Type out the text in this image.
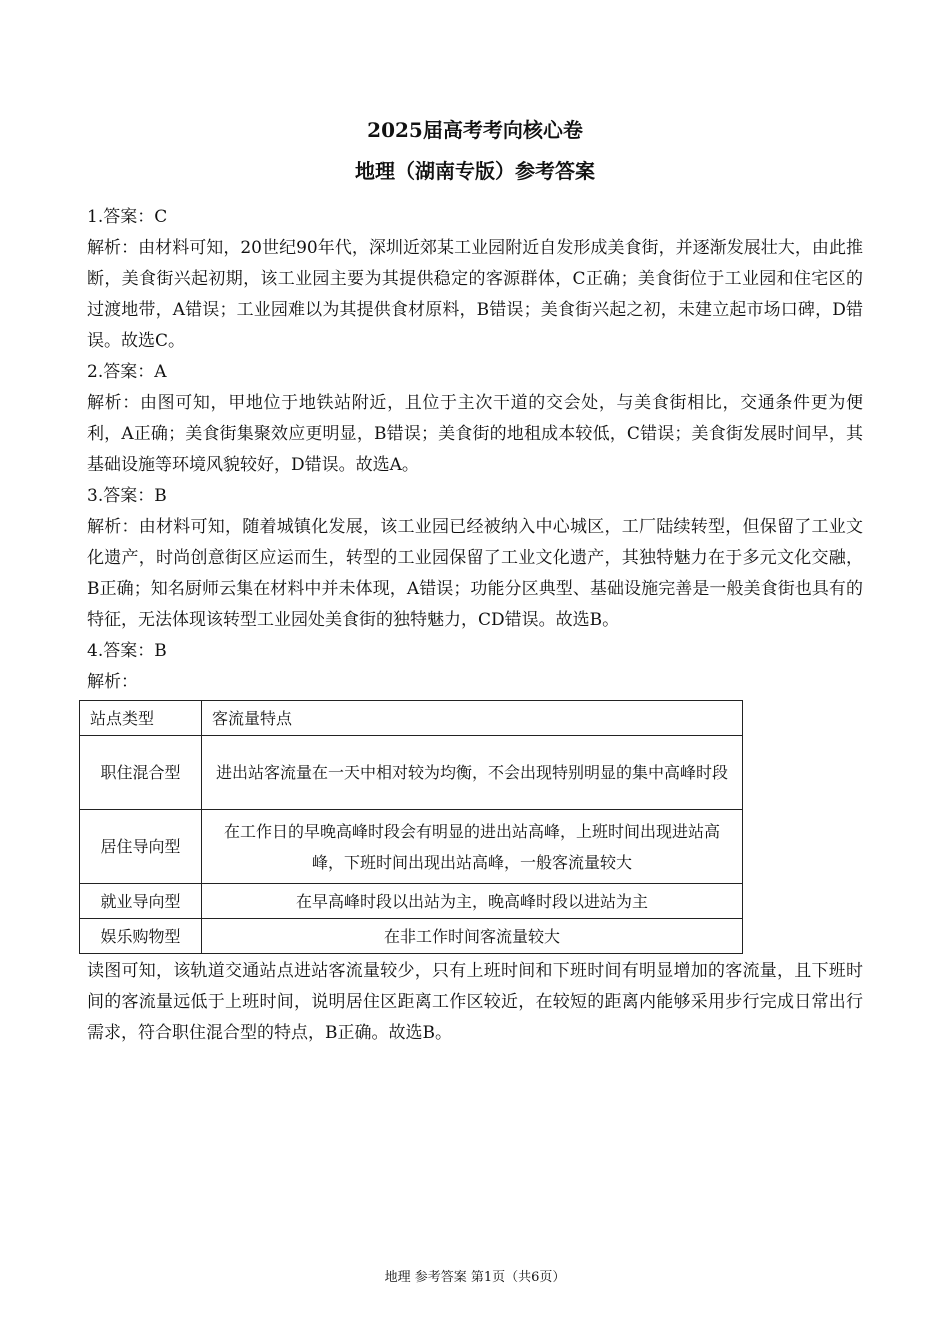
2025届高考考向核心卷

地理（湖南专版）参考答案

1.答案：C

解析：由材料可知，20世纪90年代，深圳近郊某工业园附近自发形成美食街，并逐渐发展壮大，由此推断，美食街兴起初期，该工业园主要为其提供稳定的客源群体，C正确；美食街位于工业园和住宅区的过渡地带，A错误；工业园难以为其提供食材原料，B错误；美食街兴起之初，未建立起市场口碑，D错误。故选C。

2.答案：A

解析：由图可知，甲地位于地铁站附近，且位于主次干道的交会处，与美食街相比，交通条件更为便利，A正确；美食街集聚效应更明显，B错误；美食街的地租成本较低，C错误；美食街发展时间早，其基础设施等环境风貌较好，D错误。故选A。

3.答案：B

解析：由材料可知，随着城镇化发展，该工业园已经被纳入中心城区，工厂陆续转型，但保留了工业文化遗产，时尚创意街区应运而生，转型的工业园保留了工业文化遗产，其独特魅力在于多元文化交融，B正确；知名厨师云集在材料中并未体现，A错误；功能分区典型、基础设施完善是一般美食街也具有的特征，无法体现该转型工业园处美食街的独特魅力，CD错误。故选B。

4.答案：B

解析：

站点类型	客流量特点
职住混合型	进出站客流量在一天中相对较为均衡，不会出现特别明显的集中高峰时段
居住导向型	在工作日的早晚高峰时段会有明显的进出站高峰，上班时间出现进站高峰，下班时间出现出站高峰，一般客流量较大
就业导向型	在早高峰时段以出站为主，晚高峰时段以进站为主
娱乐购物型	在非工作时间客流量较大

读图可知，该轨道交通站点进站客流量较少，只有上班时间和下班时间有明显增加的客流量，且下班时间的客流量远低于上班时间，说明居住区距离工作区较近，在较短的距离内能够采用步行完成日常出行需求，符合职住混合型的特点，B正确。故选B。

地理 参考答案 第1页（共6页）
